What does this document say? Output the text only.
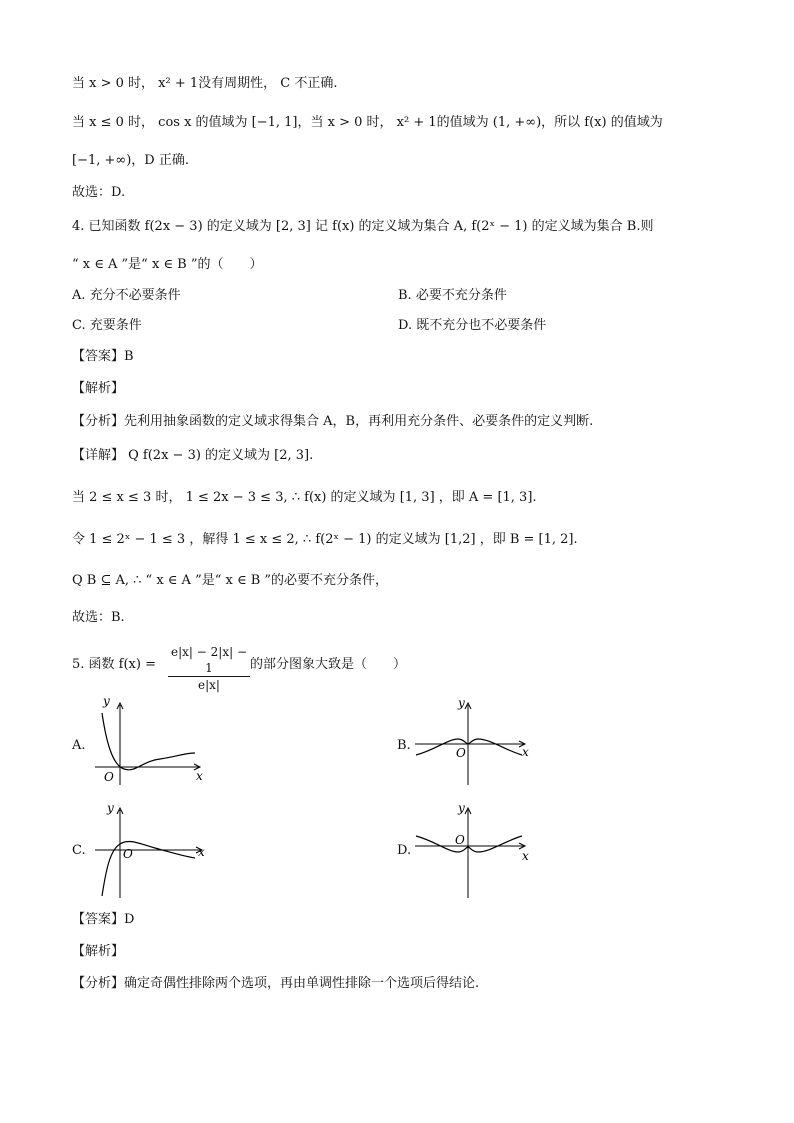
当 x > 0 时， x² + 1没有周期性， C 不正确.
当 x ≤ 0 时， cos x 的值域为 [−1, 1]，当 x > 0 时， x² + 1的值域为 (1, +∞)，所以 f(x) 的值域为
[−1, +∞)，D 正确.
故选：D.
4. 已知函数 f(2x − 3) 的定义域为 [2, 3] 记 f(x) 的定义域为集合 A, f(2ˣ − 1) 的定义域为集合 B.则
“ x ∈ A ”是“ x ∈ B ”的（　　）
A. 充分不必要条件	B. 必要不充分条件
C. 充要条件	D. 既不充分也不必要条件
【答案】B
【解析】
【分析】先利用抽象函数的定义域求得集合 A，B，再利用充分条件、必要条件的定义判断.
【详解】 Q f(2x − 3) 的定义域为 [2, 3].
当 2 ≤ x ≤ 3 时， 1 ≤ 2x − 3 ≤ 3, ∴ f(x) 的定义域为 [1, 3] ，即 A = [1, 3].
令 1 ≤ 2ˣ − 1 ≤ 3 ，解得 1 ≤ x ≤ 2, ∴ f(2ˣ − 1) 的定义域为 [1,2] ，即 B = [1, 2].
Q B ⊆ A, ∴ “ x ∈ A ”是“ x ∈ B ”的必要不充分条件，
故选：B.
5. 函数 $f(x) = \frac{e|x| - 2|x| - 1}{e|x|}$ 的部分图象大致是（　　）
A.
y
x
O
B.
y
x
O
C.
y
x
O	D.
y
x
O
【答案】D
【解析】
【分析】确定奇偶性排除两个选项，再由单调性排除一个选项后得结论.
